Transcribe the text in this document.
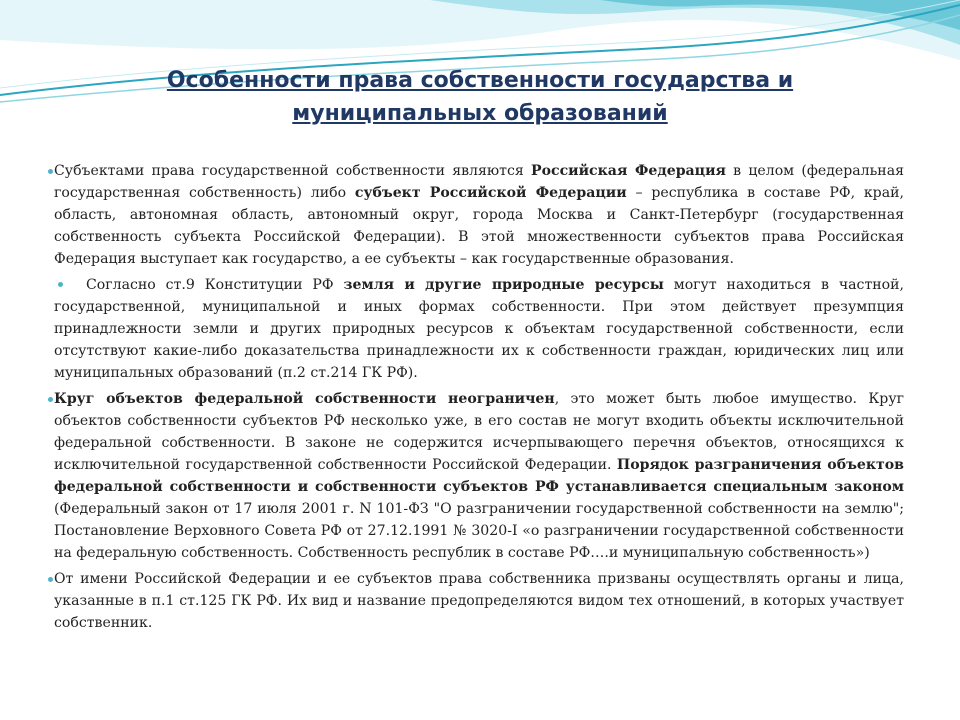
Особенности права собственности государства и
муниципальных образований

Субъектами права государственной собственности являются Российская Федерация в целом (федеральная государственная собственность) либо субъект Российской Федерации – республика в составе РФ, край, область, автономная область, автономный округ, города Москва и Санкт-Петербург (государственная собственность субъекта Российской Федерации). В этой множественности субъектов права Российская Федерация выступает как государство, а ее субъекты – как государственные образования.

Согласно ст.9 Конституции РФ земля и другие природные ресурсы могут находиться в частной, государственной, муниципальной и иных формах собственности. При этом действует презумпция принадлежности земли и других природных ресурсов к объектам государственной собственности, если отсутствуют какие-либо доказательства принадлежности их к собственности граждан, юридических лиц или муниципальных образований (п.2 ст.214 ГК РФ).

Круг объектов федеральной собственности неограничен, это может быть любое имущество. Круг объектов собственности субъектов РФ несколько уже, в его состав не могут входить объекты исключительной федеральной собственности. В законе не содержится исчерпывающего перечня объектов, относящихся к исключительной государственной собственности Российской Федерации. Порядок разграничения объектов федеральной собственности и собственности субъектов РФ устанавливается специальным законом (Федеральный закон от 17 июля 2001 г. N 101-ФЗ "О разграничении государственной собственности на землю"; Постановление Верховного Совета РФ от 27.12.1991 № 3020-I «о разграничении государственной собственности на федеральную собственность. Собственность республик в составе РФ….и муниципальную собственность»)

От имени Российской Федерации и ее субъектов права собственника призваны осуществлять органы и лица, указанные в п.1 ст.125 ГК РФ. Их вид и название предопределяются видом тех отношений, в которых участвует собственник.
